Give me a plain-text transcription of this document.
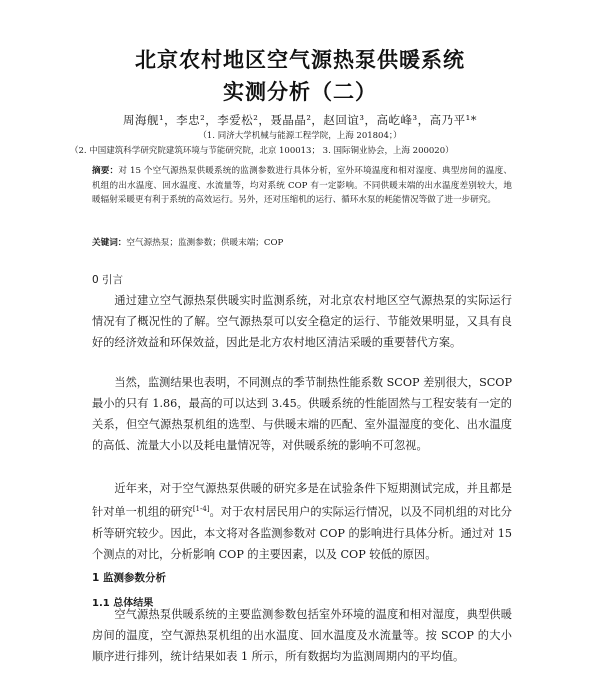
北京农村地区空气源热泵供暖系统
实测分析（二）
周海舰¹，李忠²，李爱松²，聂晶晶²，赵回谊³，高屹峰³，高乃平¹*
（1. 同济大学机械与能源工程学院，上海 201804；）
（2. 中国建筑科学研究院建筑环境与节能研究院，北京 100013； 3. 国际铜业协会，上海 200020）
摘要：对 15 个空气源热泵供暖系统的监测参数进行具体分析，室外环境温度和相对湿度、典型房间的温度、机组的出水温度、回水温度、水流量等，均对系统 COP 有一定影响。不同供暖末端的出水温度差别较大，地暖辐射采暖更有利于系统的高效运行。另外，还对压缩机的运行、循环水泵的耗能情况等做了进一步研究。
关键词：空气源热泵；监测参数；供暖末端；COP
0 引言

通过建立空气源热泵供暖实时监测系统，对北京农村地区空气源热泵的实际运行情况有了概况性的了解。空气源热泵可以安全稳定的运行、节能效果明显，又具有良好的经济效益和环保效益，因此是北方农村地区清洁采暖的重要替代方案。

当然，监测结果也表明，不同测点的季节制热性能系数 SCOP 差别很大，SCOP 最小的只有 1.86，最高的可以达到 3.45。供暖系统的性能固然与工程安装有一定的关系，但空气源热泵机组的选型、与供暖末端的匹配、室外温湿度的变化、出水温度的高低、流量大小以及耗电量情况等，对供暖系统的影响不可忽视。

近年来，对于空气源热泵供暖的研究多是在试验条件下短期测试完成，并且都是针对单一机组的研究[1-4]。对于农村居民用户的实际运行情况，以及不同机组的对比分析等研究较少。因此，本文将对各监测参数对 COP 的影响进行具体分析。通过对 15 个测点的对比，分析影响 COP 的主要因素，以及 COP 较低的原因。

1 监测参数分析
1.1 总体结果

空气源热泵供暖系统的主要监测参数包括室外环境的温度和相对湿度，典型供暖房间的温度，空气源热泵机组的出水温度、回水温度及水流量等。按 SCOP 的大小顺序进行排列，统计结果如表 1 所示，所有数据均为监测周期内的平均值。
